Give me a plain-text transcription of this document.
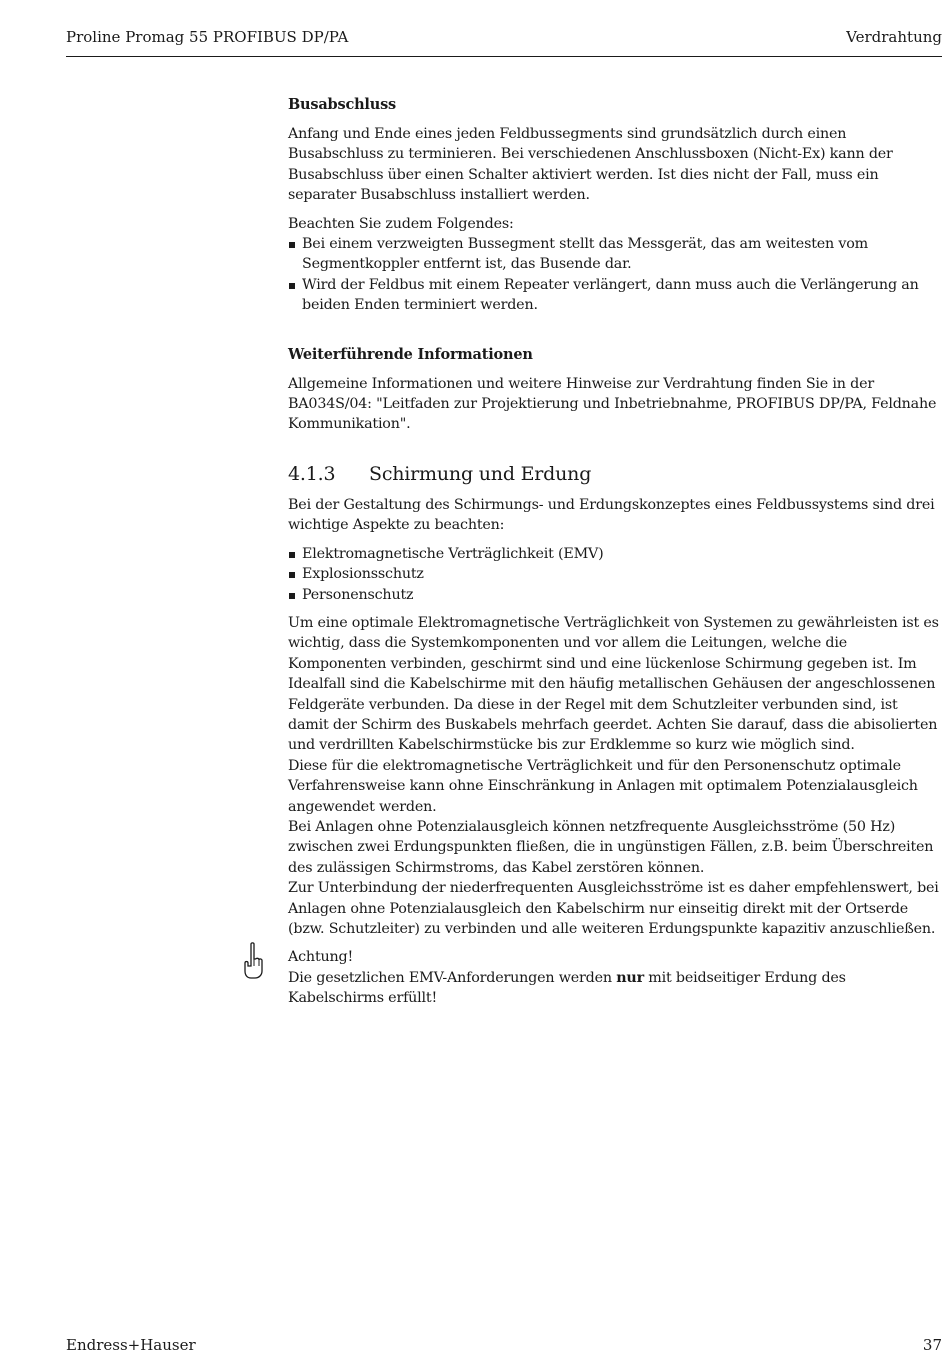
Proline Promag 55 PROFIBUS DP/PA	Verdrahtung
Busabschluss

Anfang und Ende eines jeden Feldbussegments sind grundsätzlich durch einen Busabschluss zu terminieren. Bei verschiedenen Anschlussboxen (Nicht-Ex) kann der Busabschluss über einen Schalter aktiviert werden. Ist dies nicht der Fall, muss ein separater Busabschluss installiert werden.

Beachten Sie zudem Folgendes:

Bei einem verzweigten Bussegment stellt das Messgerät, das am weitesten vom Segmentkoppler entfernt ist, das Busende dar.
Wird der Feldbus mit einem Repeater verlängert, dann muss auch die Verlängerung an beiden Enden terminiert werden.
Weiterführende Informationen

Allgemeine Informationen und weitere Hinweise zur Verdrahtung finden Sie in der BA034S/04: "Leitfaden zur Projektierung und Inbetriebnahme, PROFIBUS DP/PA, Feldnahe Kommunikation".

4.1.3 Schirmung und Erdung

Bei der Gestaltung des Schirmungs- und Erdungskonzeptes eines Feldbussystems sind drei wichtige Aspekte zu beachten:

Elektromagnetische Verträglichkeit (EMV)
Explosionsschutz
Personenschutz

Um eine optimale Elektromagnetische Verträglichkeit von Systemen zu gewährleisten ist es wichtig, dass die Systemkomponenten und vor allem die Leitungen, welche die Komponenten verbinden, geschirmt sind und eine lückenlose Schirmung gegeben ist. Im Idealfall sind die Kabelschirme mit den häufig metallischen Gehäusen der angeschlossenen Feldgeräte verbunden. Da diese in der Regel mit dem Schutzleiter verbunden sind, ist damit der Schirm des Buskabels mehrfach geerdet. Achten Sie darauf, dass die abisolierten und verdrillten Kabelschirmstücke bis zur Erdklemme so kurz wie möglich sind.

Diese für die elektromagnetische Verträglichkeit und für den Personenschutz optimale Verfahrensweise kann ohne Einschränkung in Anlagen mit optimalem Potenzialausgleich angewendet werden.

Bei Anlagen ohne Potenzialausgleich können netzfrequente Ausgleichsströme (50 Hz) zwischen zwei Erdungspunkten fließen, die in ungünstigen Fällen, z.B. beim Überschreiten des zulässigen Schirmstroms, das Kabel zerstören können.

Zur Unterbindung der niederfrequenten Ausgleichsströme ist es daher empfehlenswert, bei Anlagen ohne Potenzialausgleich den Kabelschirm nur einseitig direkt mit der Ortserde (bzw. Schutzleiter) zu verbinden und alle weiteren Erdungspunkte kapazitiv anzuschließen.

Achtung!
Die gesetzlichen EMV-Anforderungen werden nur mit beidseitiger Erdung des Kabelschirms erfüllt!
Endress+Hauser	37
